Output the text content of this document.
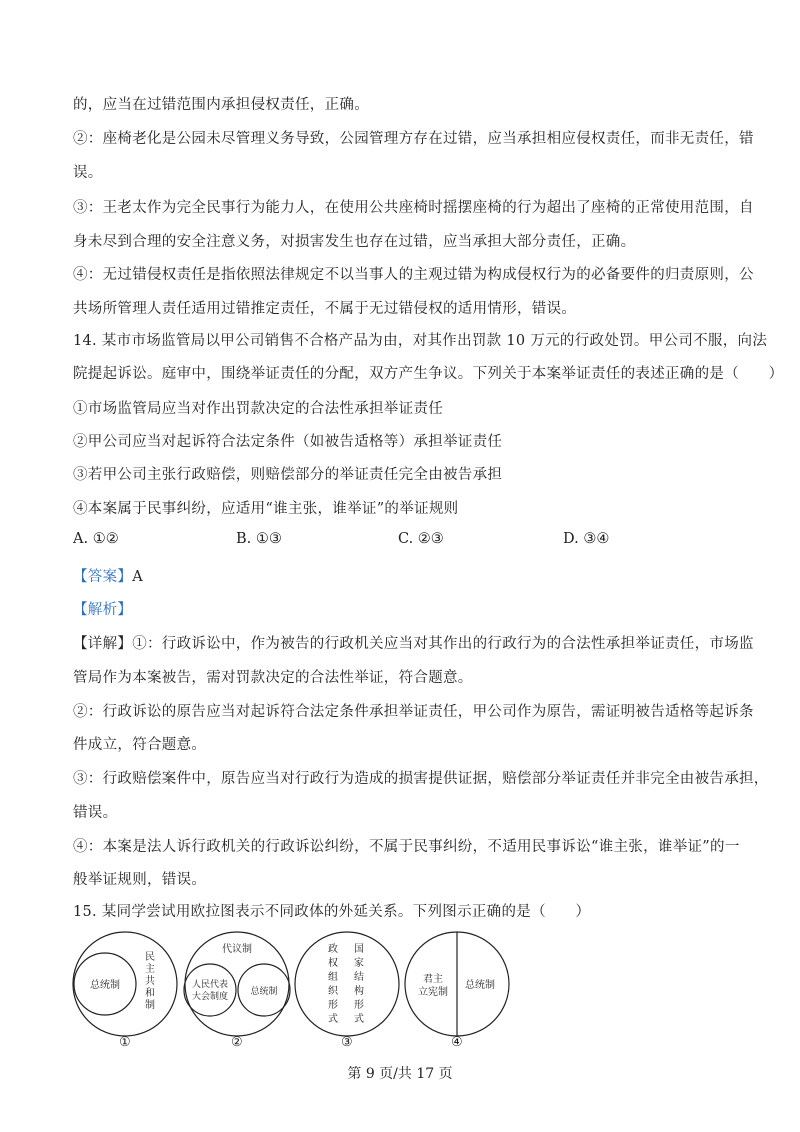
的，应当在过错范围内承担侵权责任，正确。
②：座椅老化是公园未尽管理义务导致，公园管理方存在过错，应当承担相应侵权责任，而非无责任，错
误。
③：王老太作为完全民事行为能力人，在使用公共座椅时摇摆座椅的行为超出了座椅的正常使用范围，自
身未尽到合理的安全注意义务，对损害发生也存在过错，应当承担大部分责任，正确。
④：无过错侵权责任是指依照法律规定不以当事人的主观过错为构成侵权行为的必备要件的归责原则，公
共场所管理人责任适用过错推定责任，不属于无过错侵权的适用情形，错误。
14. 某市市场监管局以甲公司销售不合格产品为由，对其作出罚款 10 万元的行政处罚。甲公司不服，向法
院提起诉讼。庭审中，围绕举证责任的分配，双方产生争议。下列关于本案举证责任的表述正确的是（　　）
①市场监管局应当对作出罚款决定的合法性承担举证责任
②甲公司应当对起诉符合法定条件（如被告适格等）承担举证责任
③若甲公司主张行政赔偿，则赔偿部分的举证责任完全由被告承担
④本案属于民事纠纷，应适用“谁主张，谁举证”的举证规则
A. ①②	B. ①③	C. ②③	D. ③④
【答案】A
【解析】
【详解】①：行政诉讼中，作为被告的行政机关应当对其作出的行政行为的合法性承担举证责任，市场监
管局作为本案被告，需对罚款决定的合法性举证，符合题意。
②：行政诉讼的原告应当对起诉符合法定条件承担举证责任，甲公司作为原告，需证明被告适格等起诉条
件成立，符合题意。
③：行政赔偿案件中，原告应当对行政行为造成的损害提供证据，赔偿部分举证责任并非完全由被告承担，
错误。
④：本案是法人诉行政机关的行政诉讼纠纷，不属于民事纠纷，不适用民事诉讼“谁主张，谁举证”的一
般举证规则，错误。
15. 某同学尝试用欧拉图表示不同政体的外延关系。下列图示正确的是（　　）
总统制
民
主
共
和
制
代议制
人民代表
大会制度 总统制
政
权
组
织
形
式
国
家
结
构
形
式
君主
立宪制
总统制
①	②	③	④
第 9 页/共 17 页
